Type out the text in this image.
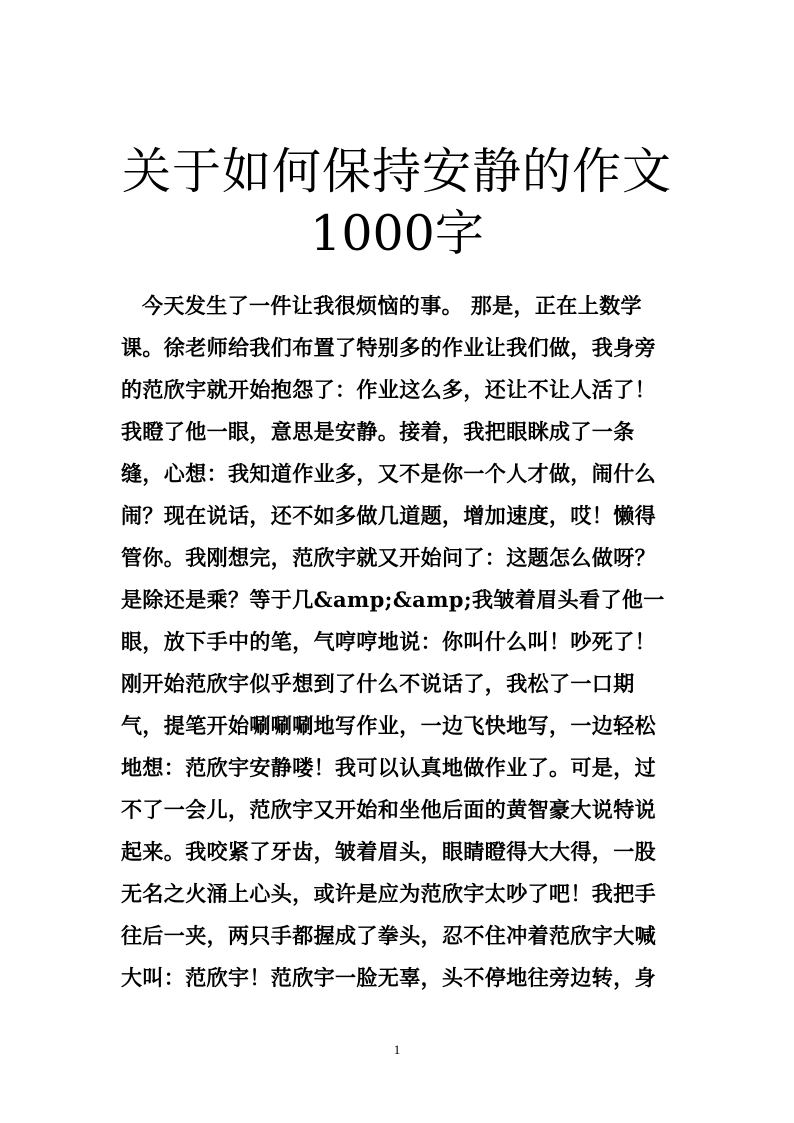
关于如何保持安静的作文
1000字
今天发生了一件让我很烦恼的事。 那是，正在上数学
课。徐老师给我们布置了特别多的作业让我们做，我身旁
的范欣宇就开始抱怨了：作业这么多，还让不让人活了！
我瞪了他一眼，意思是安静。接着，我把眼眯成了一条
缝，心想：我知道作业多，又不是你一个人才做，闹什么
闹？现在说话，还不如多做几道题，增加速度，哎！懒得
管你。我刚想完，范欣宇就又开始问了：这题怎么做呀？
是除还是乘？等于几&amp;&amp;我皱着眉头看了他一
眼，放下手中的笔，气哼哼地说：你叫什么叫！吵死了！
刚开始范欣宇似乎想到了什么不说话了，我松了一口期
气，提笔开始唰唰唰地写作业，一边飞快地写，一边轻松
地想：范欣宇安静喽！我可以认真地做作业了。可是，过
不了一会儿，范欣宇又开始和坐他后面的黄智豪大说特说
起来。我咬紧了牙齿，皱着眉头，眼睛瞪得大大得，一股
无名之火涌上心头，或许是应为范欣宇太吵了吧！我把手
往后一夹，两只手都握成了拳头，忍不住冲着范欣宇大喊
大叫：范欣宇！范欣宇一脸无辜，头不停地往旁边转，身
1
